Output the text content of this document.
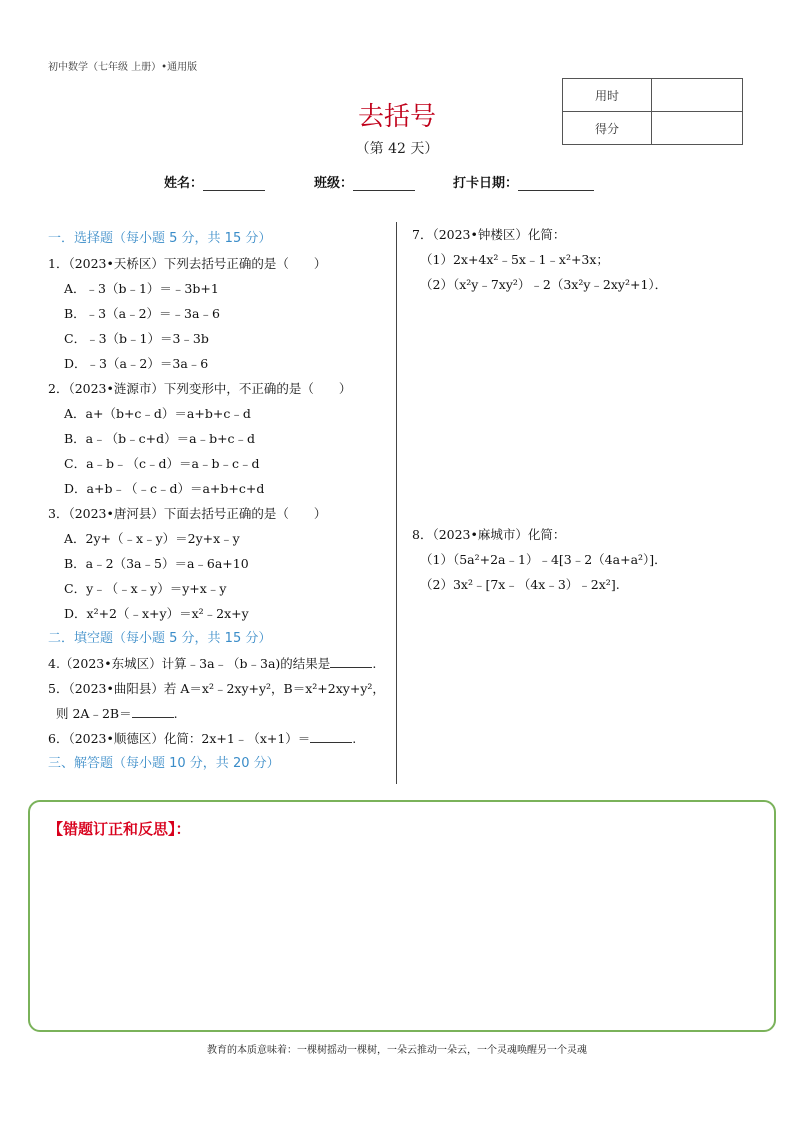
初中数学（七年级 上册）•通用版
去括号
（第 42 天）
用时	
得分	
姓名：	班级：	打卡日期：
一．选择题（每小题 5 分，共 15 分）
1．（2023•天桥区）下列去括号正确的是（　　）
A．﹣3（b﹣1）＝﹣3b+1
B．﹣3（a﹣2）＝﹣3a﹣6
C．﹣3（b﹣1）＝3﹣3b
D．﹣3（a﹣2）＝3a﹣6
2．（2023•涟源市）下列变形中，不正确的是（　　）
A．a+（b+c﹣d）＝a+b+c﹣d
B．a﹣（b﹣c+d）＝a﹣b+c﹣d
C．a﹣b﹣（c﹣d）＝a﹣b﹣c﹣d
D．a+b﹣（﹣c﹣d）＝a+b+c+d
3．（2023•唐河县）下面去括号正确的是（　　）
A．2y+（﹣x﹣y）＝2y+x﹣y
B．a﹣2（3a﹣5）＝a﹣6a+10
C．y﹣（﹣x﹣y）＝y+x﹣y
D．x²+2（﹣x+y）＝x²﹣2x+y
二．填空题（每小题 5 分，共 15 分）
4.（2023•东城区）计算﹣3a﹣（b﹣3a)的结果是	.
5．（2023•曲阳县）若 A＝x²﹣2xy+y²，B＝x²+2xy+y²，
则 2A﹣2B＝	.
6．（2023•顺德区）化简：2x+1﹣（x+1）＝	.
三、解答题（每小题 10 分，共 20 分）
7．（2023•钟楼区）化简：
（1）2x+4x²﹣5x﹣1﹣x²+3x；
（2）（x²y﹣7xy²）﹣2（3x²y﹣2xy²+1）．
8．（2023•麻城市）化简：
（1）（5a²+2a﹣1）﹣4[3﹣2（4a+a²）]．
（2）3x²﹣[7x﹣（4x﹣3）﹣2x²].
【错题订正和反思】：
教育的本质意味着：一棵树摇动一棵树，一朵云推动一朵云，一个灵魂唤醒另一个灵魂
